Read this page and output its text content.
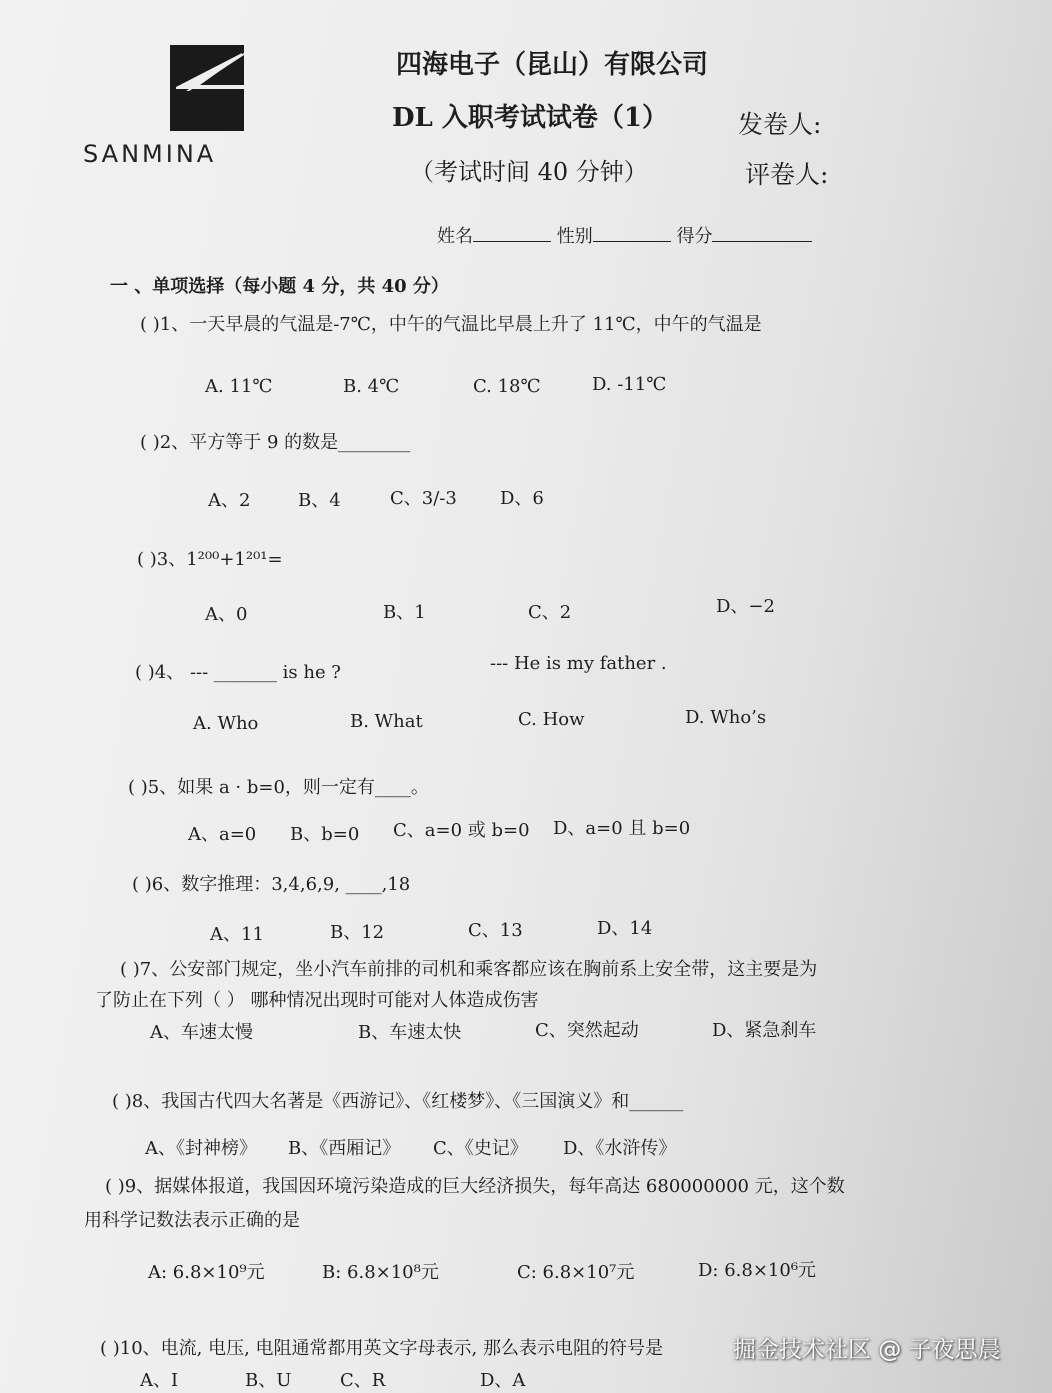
SANMINA
四海电子（昆山）有限公司
DL 入职考试试卷（1）
（考试时间 40 分钟）
发卷人:
评卷人:
姓名	性别	得分
一 、单项选择（每小题 4 分，共 40 分）
( )1、一天早晨的气温是-7℃，中午的气温比早晨上升了 11℃，中午的气温是
A. 11℃	B. 4℃	C. 18℃	D. -11℃
( )2、平方等于 9 的数是________
A、2	B、4	C、3/-3 D、6
( )3、1²⁰⁰+1²⁰¹=
A、0	B、1	C、2	D、−2
( )4、 --- _______ is he ?	--- He is my father .
A. Who	B. What	C. How	D. Who’s
( )5、如果 a · b=0，则一定有____。
A、a=0 B、b=0 C、a=0 或 b=0 D、a=0 且 b=0
( )6、数字推理：3,4,6,9, ____,18
A、11	B、12	C、13	D、14
( )7、公安部门规定，坐小汽车前排的司机和乘客都应该在胸前系上安全带，这主要是为
了防止在下列（ ） 哪种情况出现时可能对人体造成伤害
A、车速太慢	B、车速太快	C、突然起动	D、紧急刹车
( )8、我国古代四大名著是《西游记》、《红楼梦》、《三国演义》和______
A、《封神榜》 B、《西厢记》 C、《史记》 D、《水浒传》
( )9、据媒体报道，我国因环境污染造成的巨大经济损失，每年高达 680000000 元，这个数
用科学记数法表示正确的是
A: 6.8×10⁹元	B: 6.8×10⁸元	C: 6.8×10⁷元	D: 6.8×10⁶元
( )10、电流, 电压, 电阻通常都用英文字母表示, 那么表示电阻的符号是
A、I	B、U	C、R	D、A
掘金技术社区 @ 子夜思晨
